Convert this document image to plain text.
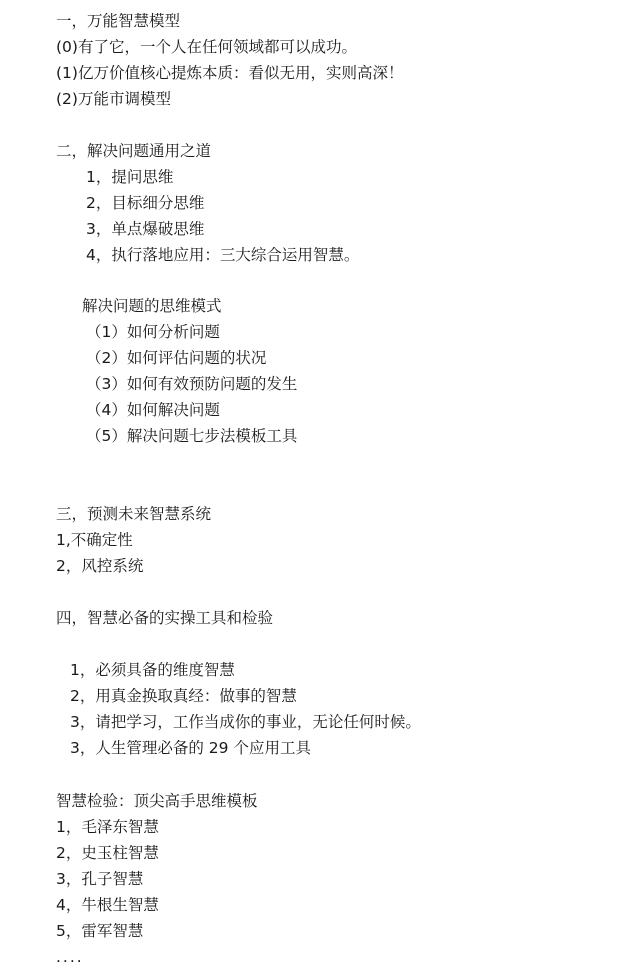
一，万能智慧模型
(0)有了它，一个人在任何领域都可以成功。
(1)亿万价值核心提炼本质：看似无用，实则高深！
(2)万能市调模型
二，解决问题通用之道
1，提问思维
2，目标细分思维
3，单点爆破思维
4，执行落地应用：三大综合运用智慧。
解决问题的思维模式
（1）如何分析问题
（2）如何评估问题的状况
（3）如何有效预防问题的发生
（4）如何解决问题
（5）解决问题七步法模板工具
三，预测未来智慧系统
1,不确定性
2，风控系统
四，智慧必备的实操工具和检验
1，必须具备的维度智慧
2，用真金换取真经：做事的智慧
3，请把学习，工作当成你的事业，无论任何时候。
3，人生管理必备的 29 个应用工具
智慧检验：顶尖高手思维模板
1，毛泽东智慧
2，史玉柱智慧
3，孔子智慧
4，牛根生智慧
5，雷军智慧
....
